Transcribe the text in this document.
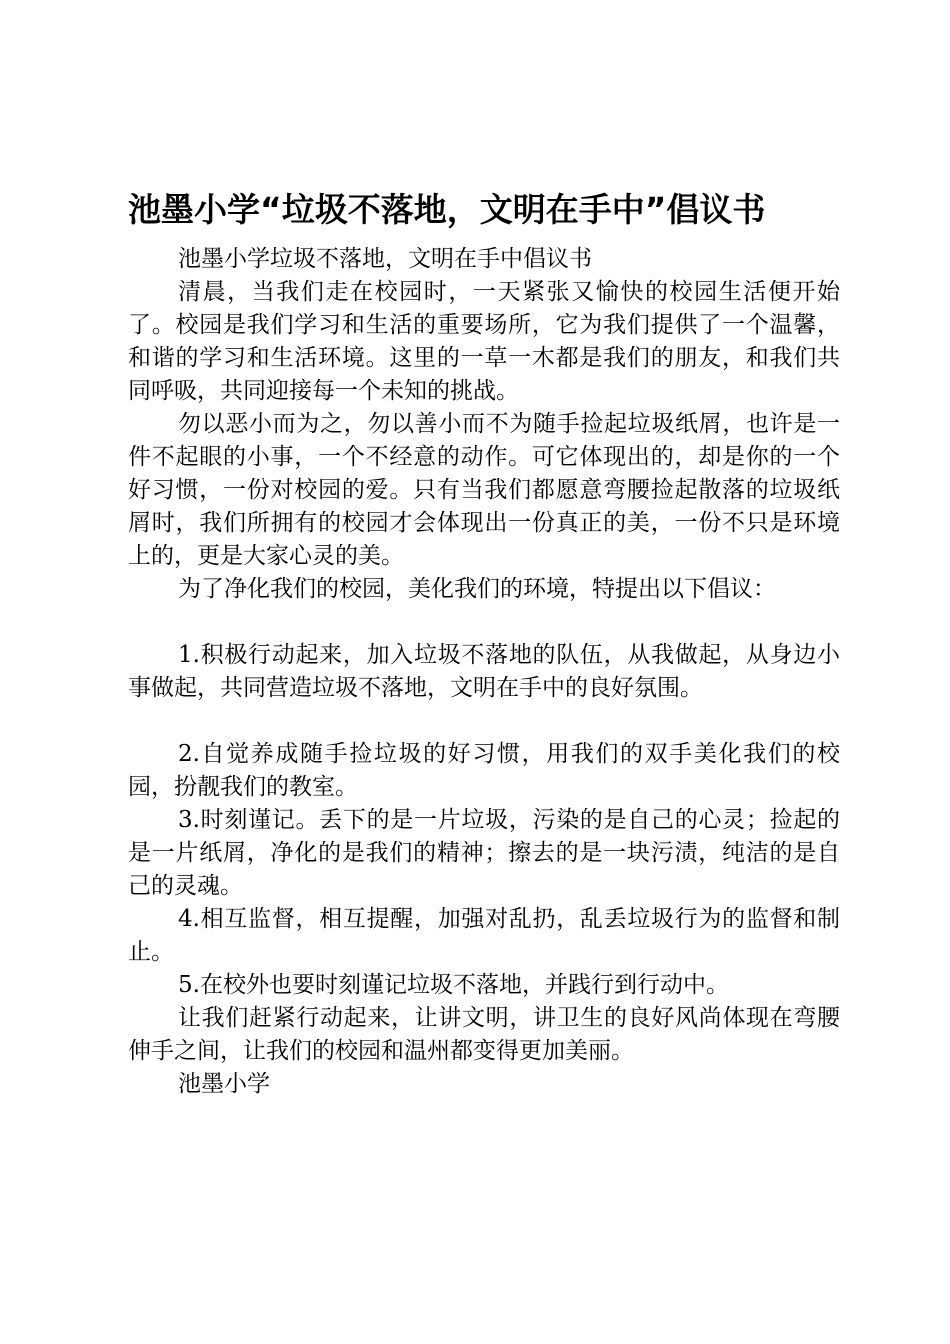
池墨小学“垃圾不落地，文明在手中”倡议书

池墨小学垃圾不落地，文明在手中倡议书

清晨，当我们走在校园时，一天紧张又愉快的校园生活便开始了。校园是我们学习和生活的重要场所，它为我们提供了一个温馨，和谐的学习和生活环境。这里的一草一木都是我们的朋友，和我们共同呼吸，共同迎接每一个未知的挑战。

勿以恶小而为之，勿以善小而不为随手捡起垃圾纸屑，也许是一件不起眼的小事，一个不经意的动作。可它体现出的，却是你的一个好习惯，一份对校园的爱。只有当我们都愿意弯腰捡起散落的垃圾纸屑时，我们所拥有的校园才会体现出一份真正的美，一份不只是环境上的，更是大家心灵的美。

为了净化我们的校园，美化我们的环境，特提出以下倡议：

1.积极行动起来，加入垃圾不落地的队伍，从我做起，从身边小事做起，共同营造垃圾不落地，文明在手中的良好氛围。

2.自觉养成随手捡垃圾的好习惯，用我们的双手美化我们的校园，扮靓我们的教室。

3.时刻谨记。丢下的是一片垃圾，污染的是自己的心灵；捡起的是一片纸屑，净化的是我们的精神；擦去的是一块污渍，纯洁的是自己的灵魂。

4.相互监督，相互提醒，加强对乱扔，乱丢垃圾行为的监督和制止。

5.在校外也要时刻谨记垃圾不落地，并践行到行动中。

让我们赶紧行动起来，让讲文明，讲卫生的良好风尚体现在弯腰伸手之间，让我们的校园和温州都变得更加美丽。

池墨小学
